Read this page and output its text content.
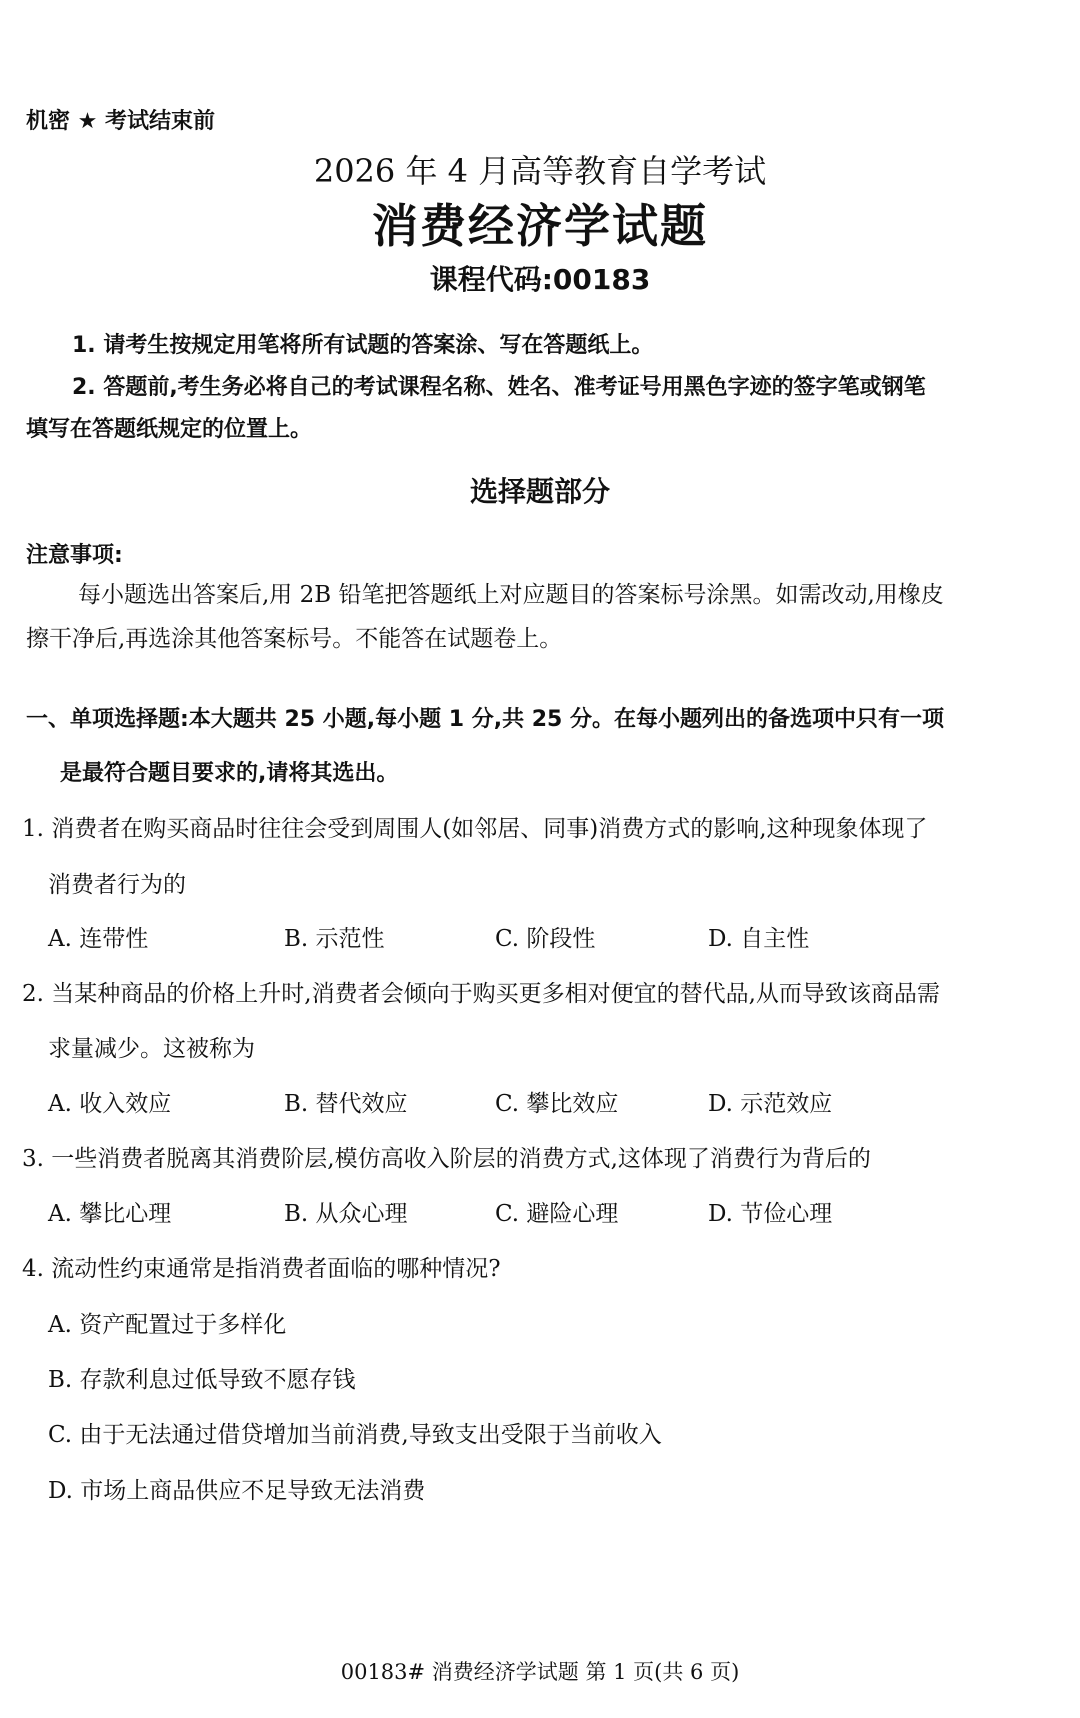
机密 ★ 考试结束前
2026 年 4 月高等教育自学考试
消费经济学试题
课程代码:00183
1. 请考生按规定用笔将所有试题的答案涂、写在答题纸上。
2. 答题前,考生务必将自己的考试课程名称、姓名、准考证号用黑色字迹的签字笔或钢笔
填写在答题纸规定的位置上。
选择题部分
注意事项:
每小题选出答案后,用 2B 铅笔把答题纸上对应题目的答案标号涂黑。如需改动,用橡皮
擦干净后,再选涂其他答案标号。不能答在试题卷上。
一、单项选择题:本大题共 25 小题,每小题 1 分,共 25 分。在每小题列出的备选项中只有一项
是最符合题目要求的,请将其选出。
1. 消费者在购买商品时往往会受到周围人(如邻居、同事)消费方式的影响,这种现象体现了
消费者行为的
A. 连带性	B. 示范性	C. 阶段性	D. 自主性
2. 当某种商品的价格上升时,消费者会倾向于购买更多相对便宜的替代品,从而导致该商品需
求量减少。这被称为
A. 收入效应	B. 替代效应	C. 攀比效应	D. 示范效应
3. 一些消费者脱离其消费阶层,模仿高收入阶层的消费方式,这体现了消费行为背后的
A. 攀比心理	B. 从众心理	C. 避险心理	D. 节俭心理
4. 流动性约束通常是指消费者面临的哪种情况?
A. 资产配置过于多样化
B. 存款利息过低导致不愿存钱
C. 由于无法通过借贷增加当前消费,导致支出受限于当前收入
D. 市场上商品供应不足导致无法消费
00183# 消费经济学试题 第 1 页(共 6 页)
